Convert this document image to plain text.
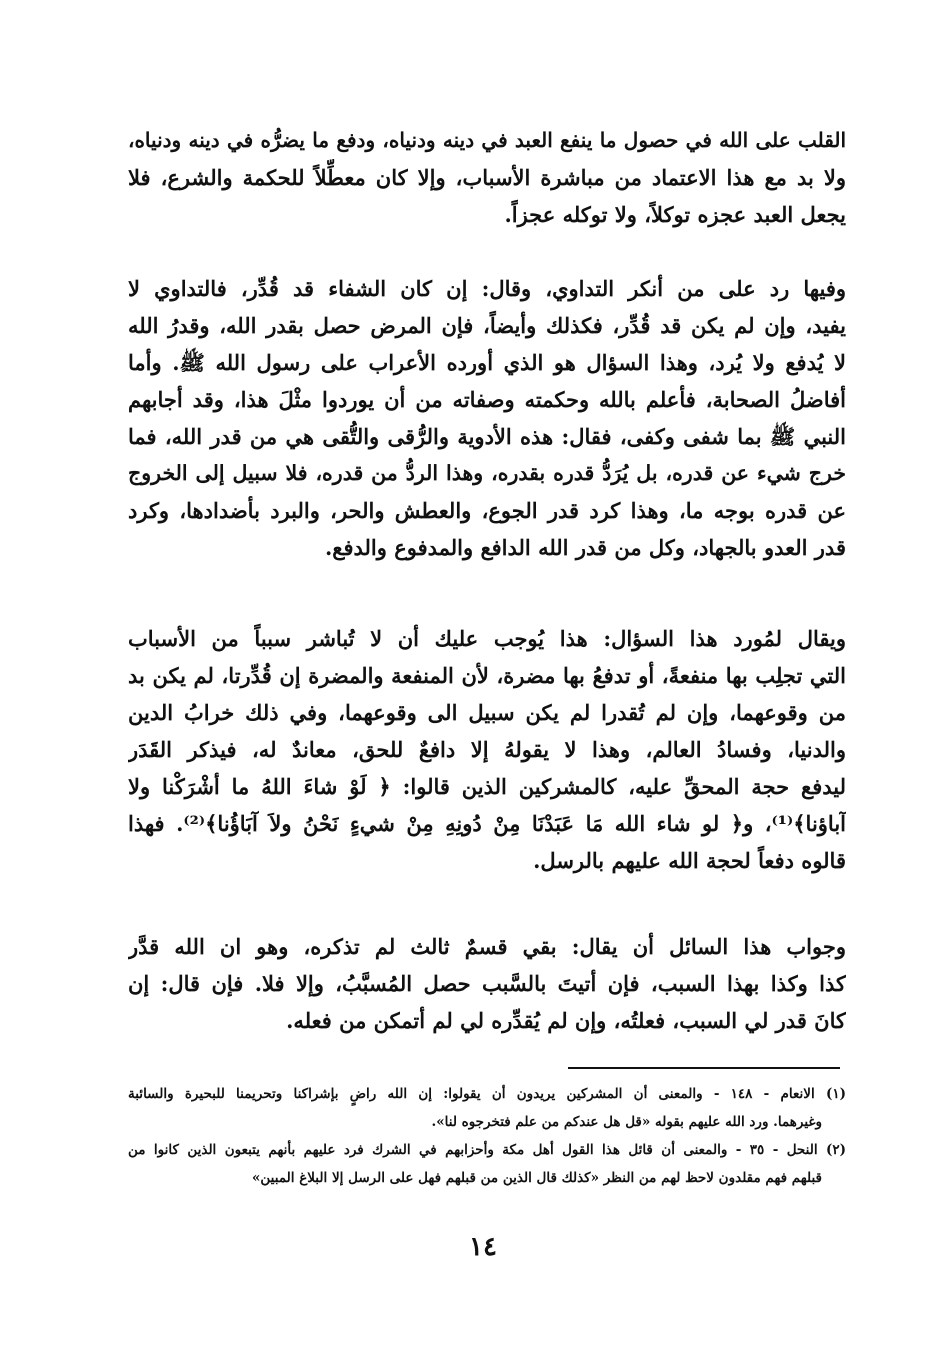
القلب على الله في حصول ما ينفع العبد في دينه ودنياه، ودفع ما يضرُّه في دينه ودنياه،
ولا بد مع هذا الاعتماد من مباشرة الأسباب، وإلا كان معطِّلاً للحكمة والشرع، فلا
يجعل العبد عجزه توكلاً، ولا توكله عجزاً.
وفيها رد على من أنكر التداوي، وقال: إن كان الشفاء قد قُدِّر، فالتداوي لا
يفيد، وإن لم يكن قد قُدِّر، فكذلك وأيضاً، فإن المرض حصل بقدر الله، وقدرُ الله
لا يُدفع ولا يُرد، وهذا السؤال هو الذي أورده الأعراب على رسول الله ﷺ. وأما
أفاضلُ الصحابة، فأعلم بالله وحكمته وصفاته من أن يوردوا مثْلَ هذا، وقد أجابهم
النبي ﷺ بما شفى وكفى، فقال: هذه الأدوية والرُّقى والتُّقى هي من قدر الله، فما
خرج شيء عن قدره، بل يُرَدُّ قدره بقدره، وهذا الردُّ من قدره، فلا سبيل إلى الخروج
عن قدره بوجه ما، وهذا كرد قدر الجوع، والعطش والحر، والبرد بأضدادها، وكرد
قدر العدو بالجهاد، وكل من قدر الله الدافع والمدفوع والدفع.
ويقال لمُورد هذا السؤال: هذا يُوجب عليك أن لا تُباشر سبباً من الأسباب
التي تجلِب بها منفعةً، أو تدفعُ بها مضرة، لأن المنفعة والمضرة إن قُدِّرتا، لم يكن بد
من وقوعهما، وإن لم تُقدرا لم يكن سبيل الى وقوعهما، وفي ذلك خرابُ الدين
والدنيا، وفسادُ العالم، وهذا لا يقولهُ إلا دافعٌ للحق، معاندٌ له، فيذكر القَدَر
ليدفع حجة المحقِّ عليه، كالمشركين الذين قالوا: ﴿ لَوْ شاءَ اللهُ ما أشْرَكْنا ولا
آباؤنا﴾⁽¹⁾، و﴿ لو شاء الله مَا عَبَدْنَا مِنْ دُونِهِ مِنْ شيءٍ نَحْنُ ولاَ آبَاؤُنا﴾⁽²⁾. فهذا
قالوه دفعاً لحجة الله عليهم بالرسل.
وجواب هذا السائل أن يقال: بقي قسمٌ ثالث لم تذكره، وهو ان الله قدَّر
كذا وكذا بهذا السبب، فإن أتيتَ بالسَّبب حصل المُسبَّبُ، وإلا فلا. فإن قال: إن
كانَ قدر لي السبب، فعلتُه، وإن لم يُقدِّره لي لم أتمكن من فعله.
(١) الانعام - ١٤٨ - والمعنى أن المشركين يريدون أن يقولوا: إن الله راضٍ بإشراكنا وتحريمنا للبحيرة والسائبة
وغيرهما. ورد الله عليهم بقوله «قل هل عندكم من علم فتخرجوه لنا».
(٢) النحل - ٣٥ - والمعنى أن قائل هذا القول أهل مكة وأحزابهم في الشرك فرد عليهم بأنهم يتبعون الذين كانوا من
قبلهم فهم مقلدون لاحظ لهم من النظر «كذلك قال الذين من قبلهم فهل على الرسل إلا البلاغ المبين»
١٤
